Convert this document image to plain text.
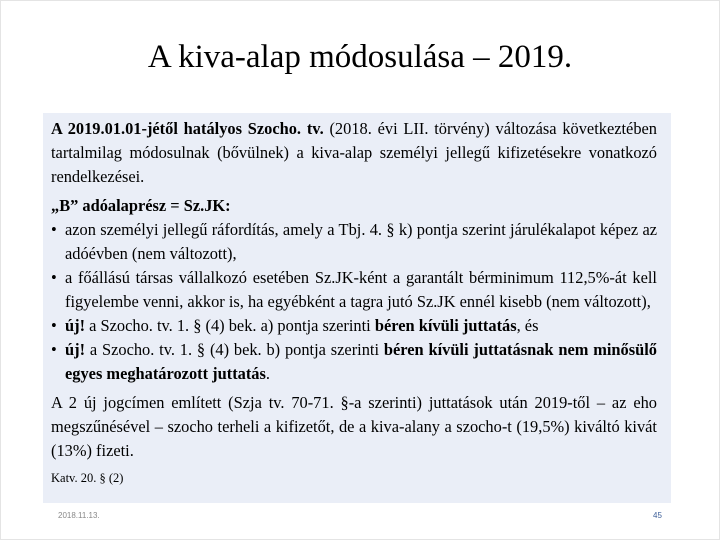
A kiva-alap módosulása – 2019.

A 2019.01.01-jétől hatályos Szocho. tv. (2018. évi LII. törvény) változása következtében tartalmilag módosulnak (bővülnek) a kiva-alap személyi jellegű kifizetésekre vonatkozó rendelkezései.

„B” adóalaprész = Sz.JK:

• azon személyi jellegű ráfordítás, amely a Tbj. 4. § k) pontja szerint járulékalapot képez az adóévben (nem változott),
• a főállású társas vállalkozó esetében Sz.JK-ként a garantált bérminimum 112,5%-át kell figyelembe venni, akkor is, ha egyébként a tagra jutó Sz.JK ennél kisebb (nem változott),
• új! a Szocho. tv. 1. § (4) bek. a) pontja szerinti béren kívüli juttatás, és
• új! a Szocho. tv. 1. § (4) bek. b) pontja szerinti béren kívüli juttatásnak nem minősülő egyes meghatározott juttatás.

A 2 új jogcímen említett (Szja tv. 70-71. §-a szerinti) juttatások után 2019-től – az eho megszűnésével – szocho terheli a kifizetőt, de a kiva-alany a szocho-t (19,5%) kiváltó kivát (13%) fizeti.

Katv. 20. § (2)

2018.11.13.	45
